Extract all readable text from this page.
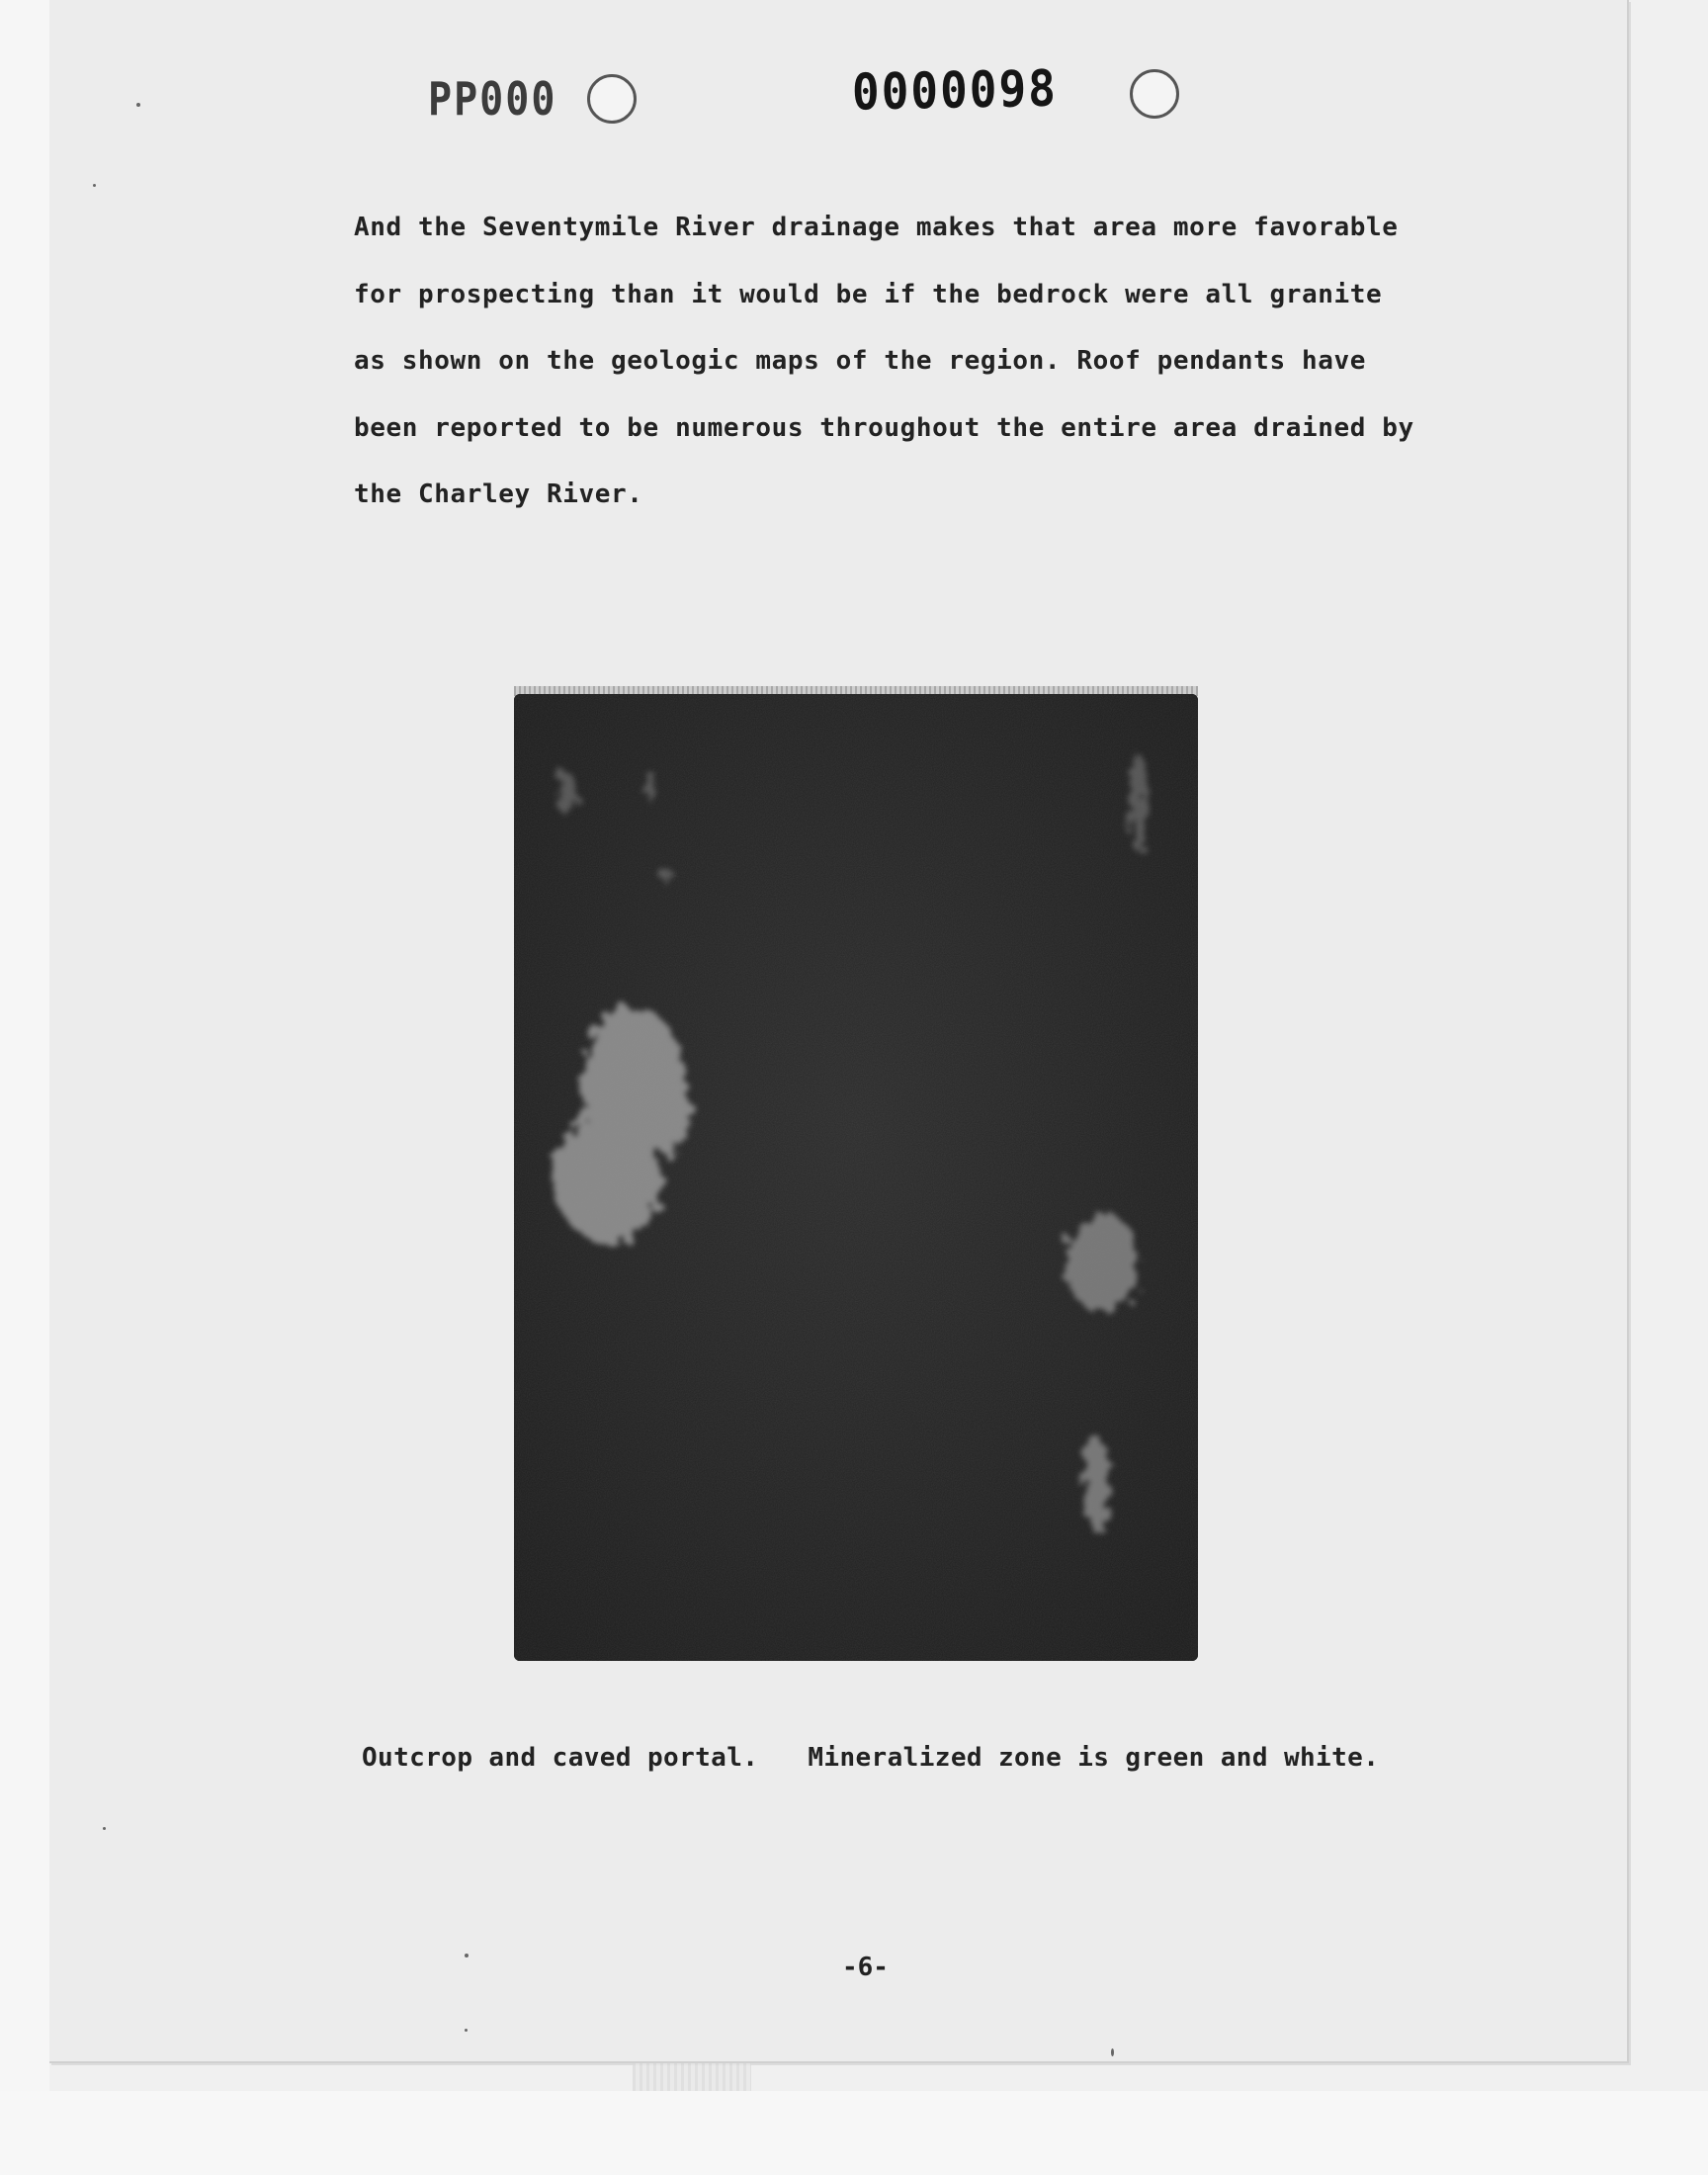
PP000	0000098
And the Seventymile River drainage makes that area more favorable
for prospecting than it would be if the bedrock were all granite
as shown on the geologic maps of the region. Roof pendants have
been reported to be numerous throughout the entire area drained by
the Charley River.
Outcrop and caved portal. Mineralized zone is green and white.
-6-
